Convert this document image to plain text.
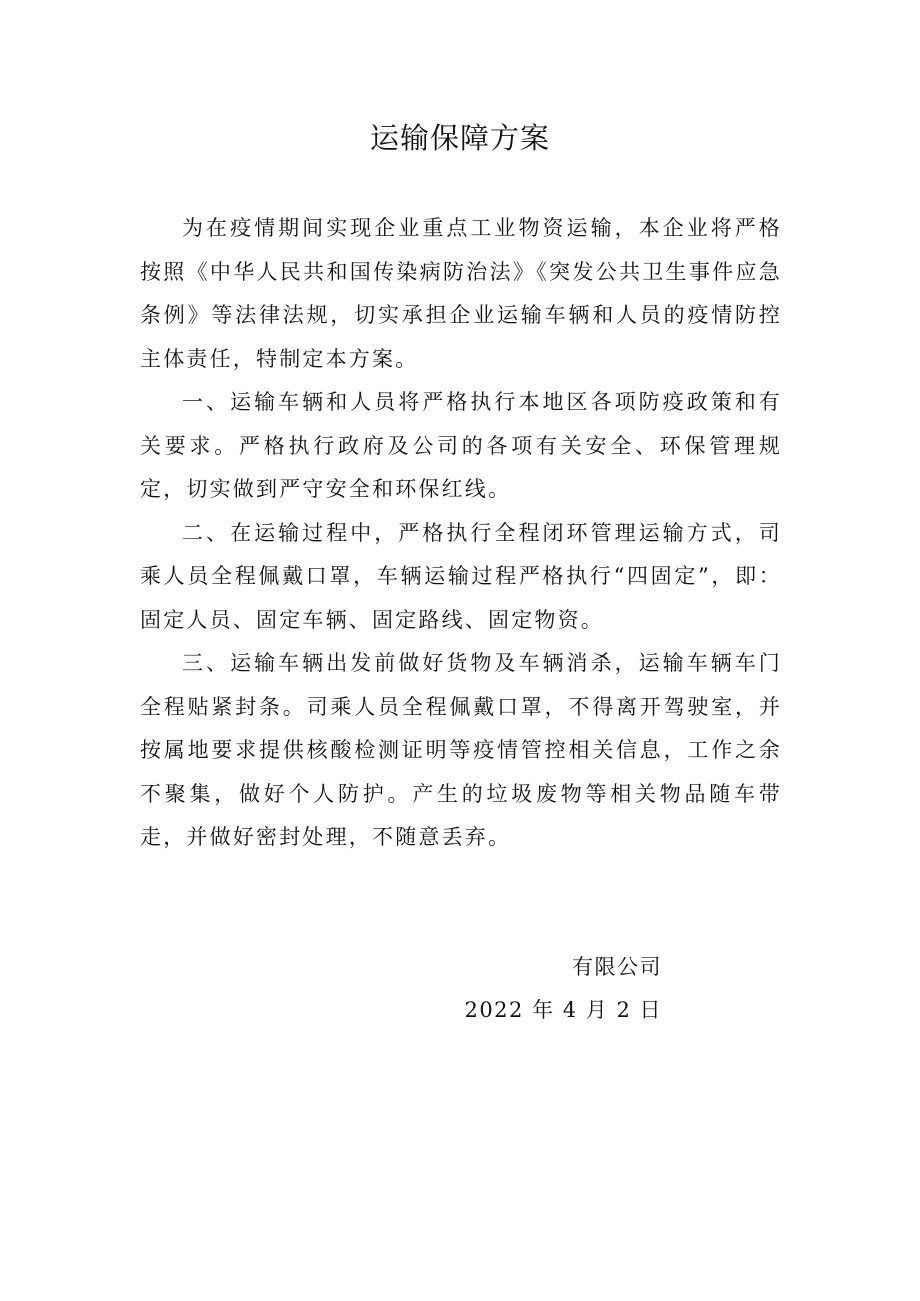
运输保障方案

为在疫情期间实现企业重点工业物资运输，本企业将严格按照《中华人民共和国传染病防治法》《突发公共卫生事件应急条例》等法律法规，切实承担企业运输车辆和人员的疫情防控主体责任，特制定本方案。

一、运输车辆和人员将严格执行本地区各项防疫政策和有关要求。严格执行政府及公司的各项有关安全、环保管理规定，切实做到严守安全和环保红线。

二、在运输过程中，严格执行全程闭环管理运输方式，司乘人员全程佩戴口罩，车辆运输过程严格执行“四固定”，即：固定人员、固定车辆、固定路线、固定物资。

三、运输车辆出发前做好货物及车辆消杀，运输车辆车门全程贴紧封条。司乘人员全程佩戴口罩，不得离开驾驶室，并按属地要求提供核酸检测证明等疫情管控相关信息，工作之余不聚集，做好个人防护。产生的垃圾废物等相关物品随车带走，并做好密封处理，不随意丢弃。

有限公司
2022 年 4 月 2 日
